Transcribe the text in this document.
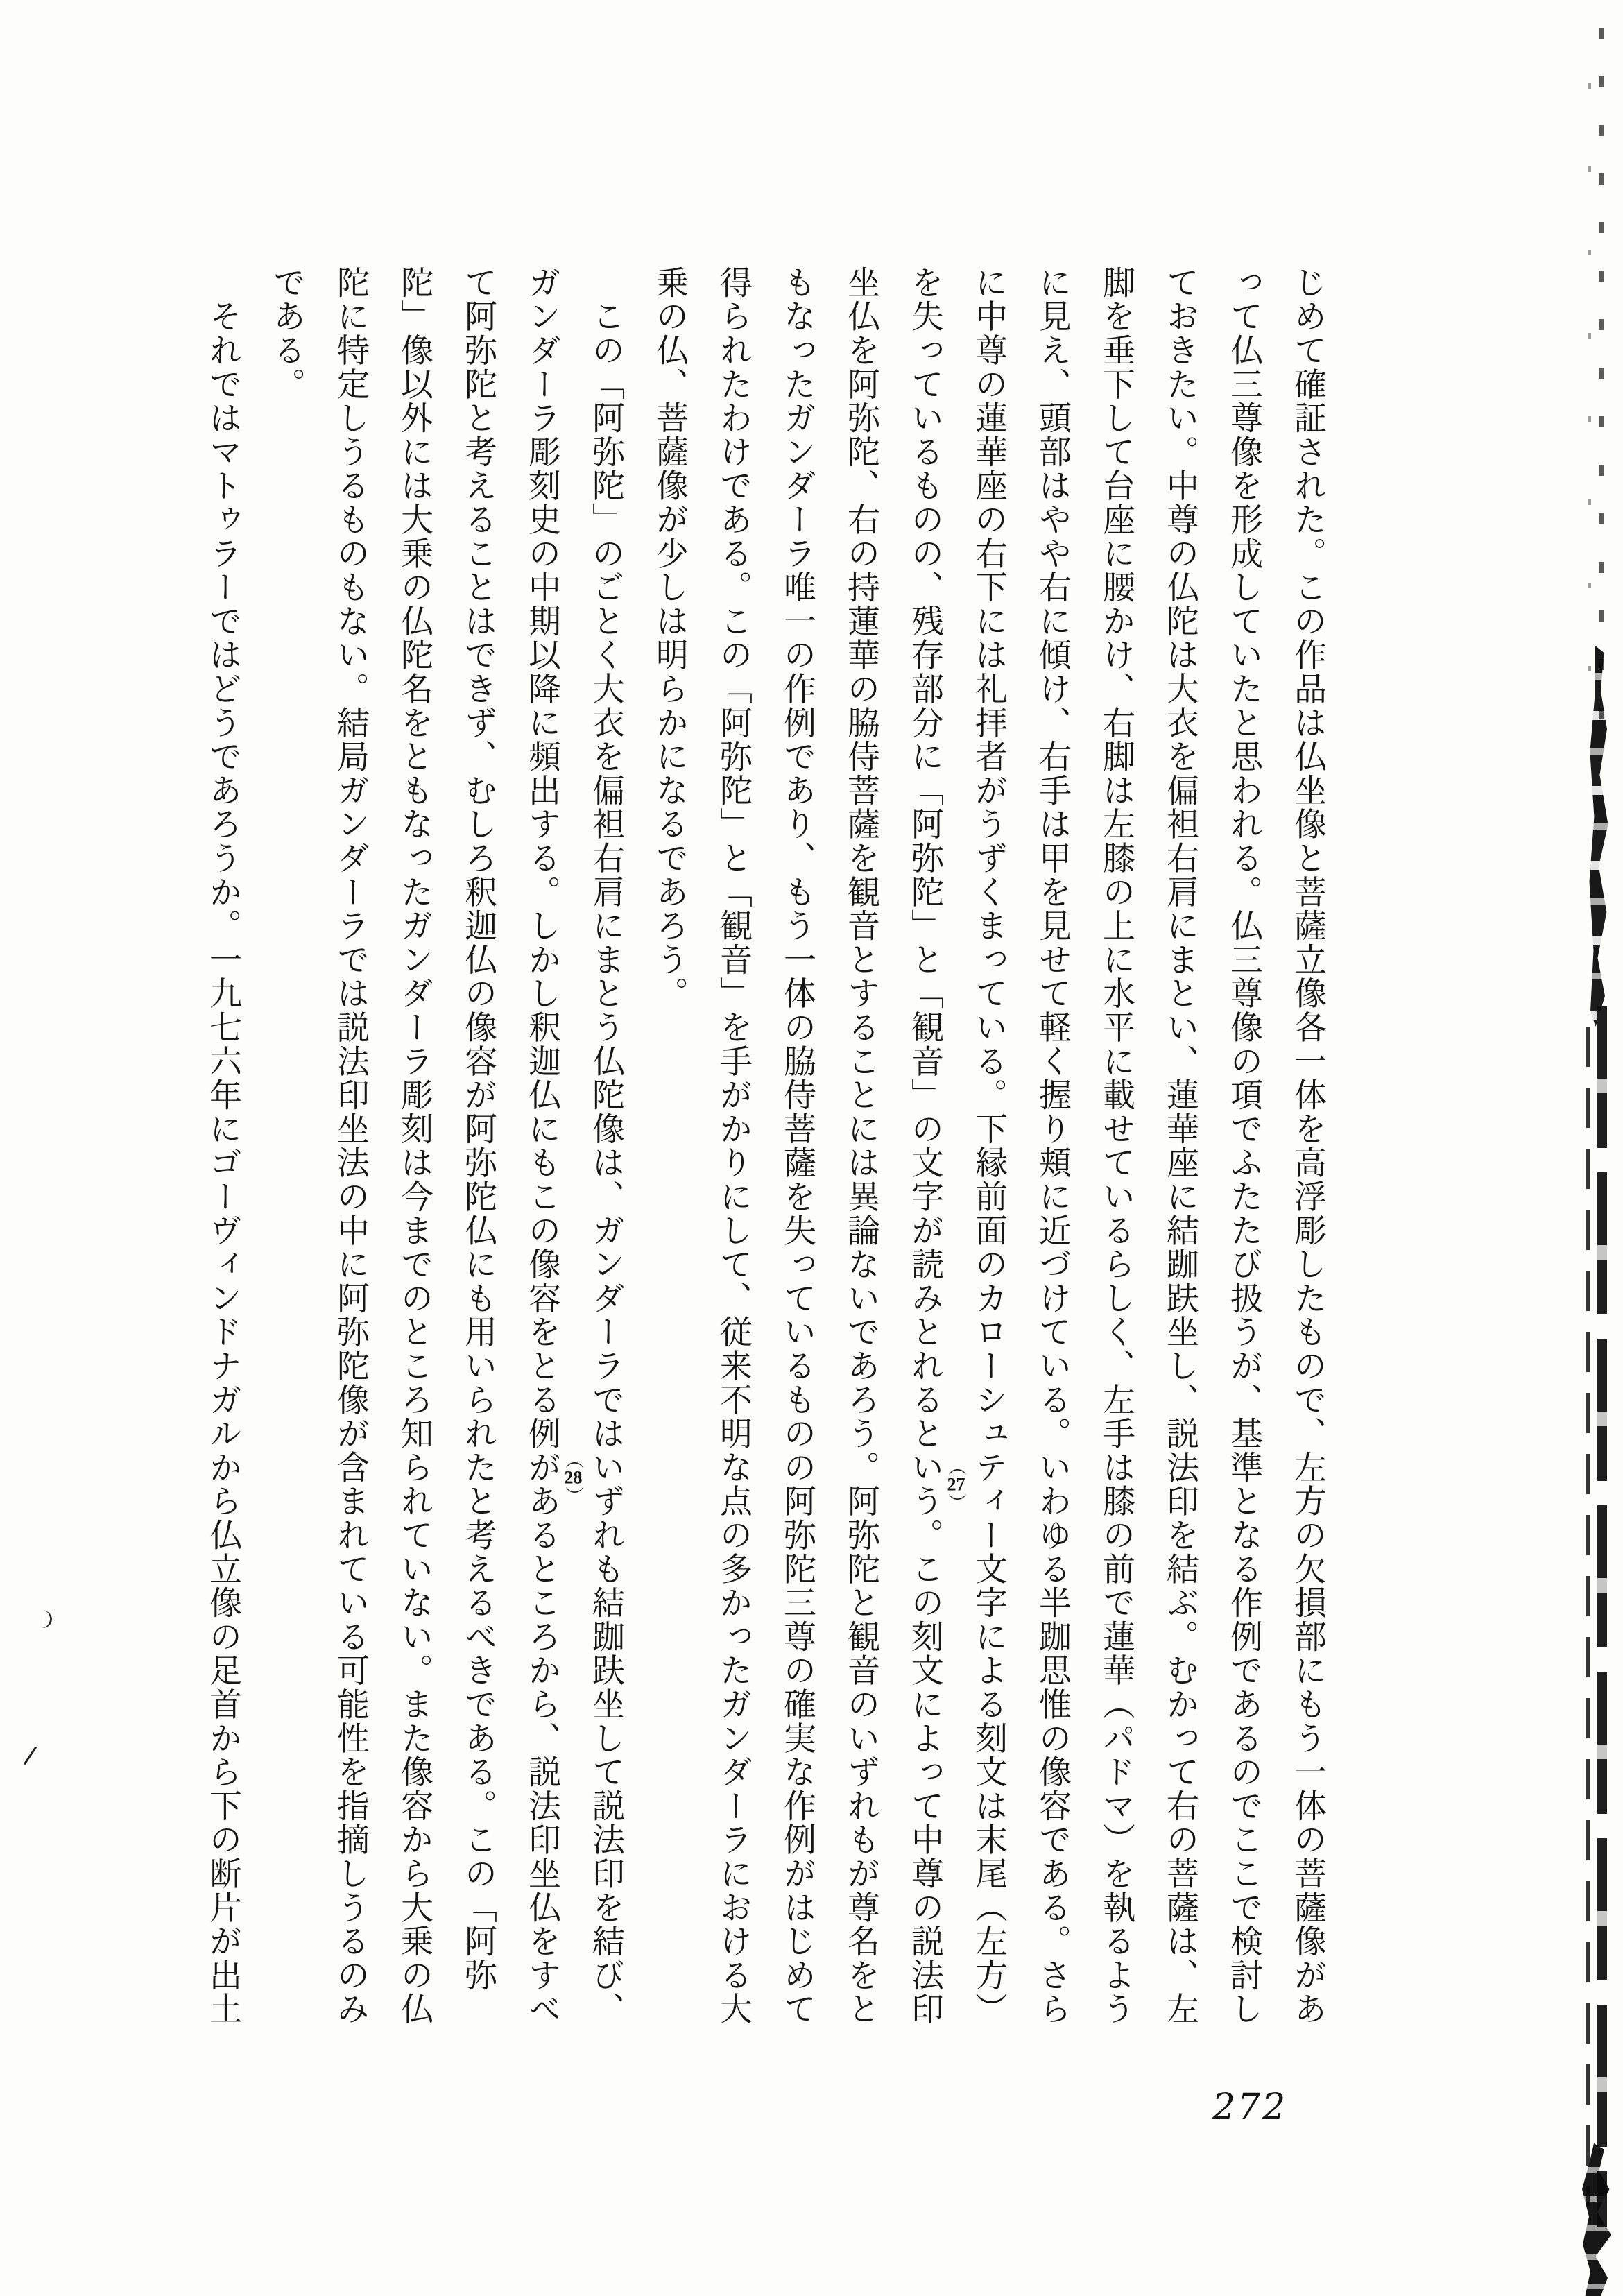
じめて確証された。この作品は仏坐像と菩薩立像各一体を高浮彫したもので、左方の欠損部にもう一体の菩薩像があ
って仏三尊像を形成していたと思われる。仏三尊像の項でふたたび扱うが、基準となる作例であるのでここで検討し
ておきたい。中尊の仏陀は大衣を偏袒右肩にまとい、蓮華座に結跏趺坐し、説法印を結ぶ。むかって右の菩薩は、左
脚を垂下して台座に腰かけ、右脚は左膝の上に水平に載せているらしく、左手は膝の前で蓮華（パドマ）を執るよう
に見え、頭部はやや右に傾け、右手は甲を見せて軽く握り頬に近づけている。いわゆる半跏思惟の像容である。さら
に中尊の蓮華座の右下には礼拝者がうずくまっている。下縁前面のカローシュティー文字による刻文は末尾（左方）
を失っているものの、残存部分に「阿弥陀」と「観音」の文字が読みとれるという。この刻文によって中尊の説法印 （27）
坐仏を阿弥陀、右の持蓮華の脇侍菩薩を観音とすることには異論ないであろう。阿弥陀と観音のいずれもが尊名をと
もなったガンダーラ唯一の作例であり、もう一体の脇侍菩薩を失っているものの阿弥陀三尊の確実な作例がはじめて
得られたわけである。この「阿弥陀」と「観音」を手がかりにして、従来不明な点の多かったガンダーラにおける大
乗の仏、菩薩像が少しは明らかになるであろう。
　この「阿弥陀」のごとく大衣を偏袒右肩にまとう仏陀像は、ガンダーラではいずれも結跏趺坐して説法印を結び、
ガンダーラ彫刻史の中期以降に頻出する。しかし釈迦仏にもこの像容をとる例があるところから、説法印坐仏をすべ （28）
て阿弥陀と考えることはできず、むしろ釈迦仏の像容が阿弥陀仏にも用いられたと考えるべきである。この「阿弥
陀」像以外には大乗の仏陀名をともなったガンダーラ彫刻は今までのところ知られていない。また像容から大乗の仏
陀に特定しうるものもない。結局ガンダーラでは説法印坐法の中に阿弥陀像が含まれている可能性を指摘しうるのみ
である。
　それではマトゥラーではどうであろうか。一九七六年にゴーヴィンドナガルから仏立像の足首から下の断片が出土
272
